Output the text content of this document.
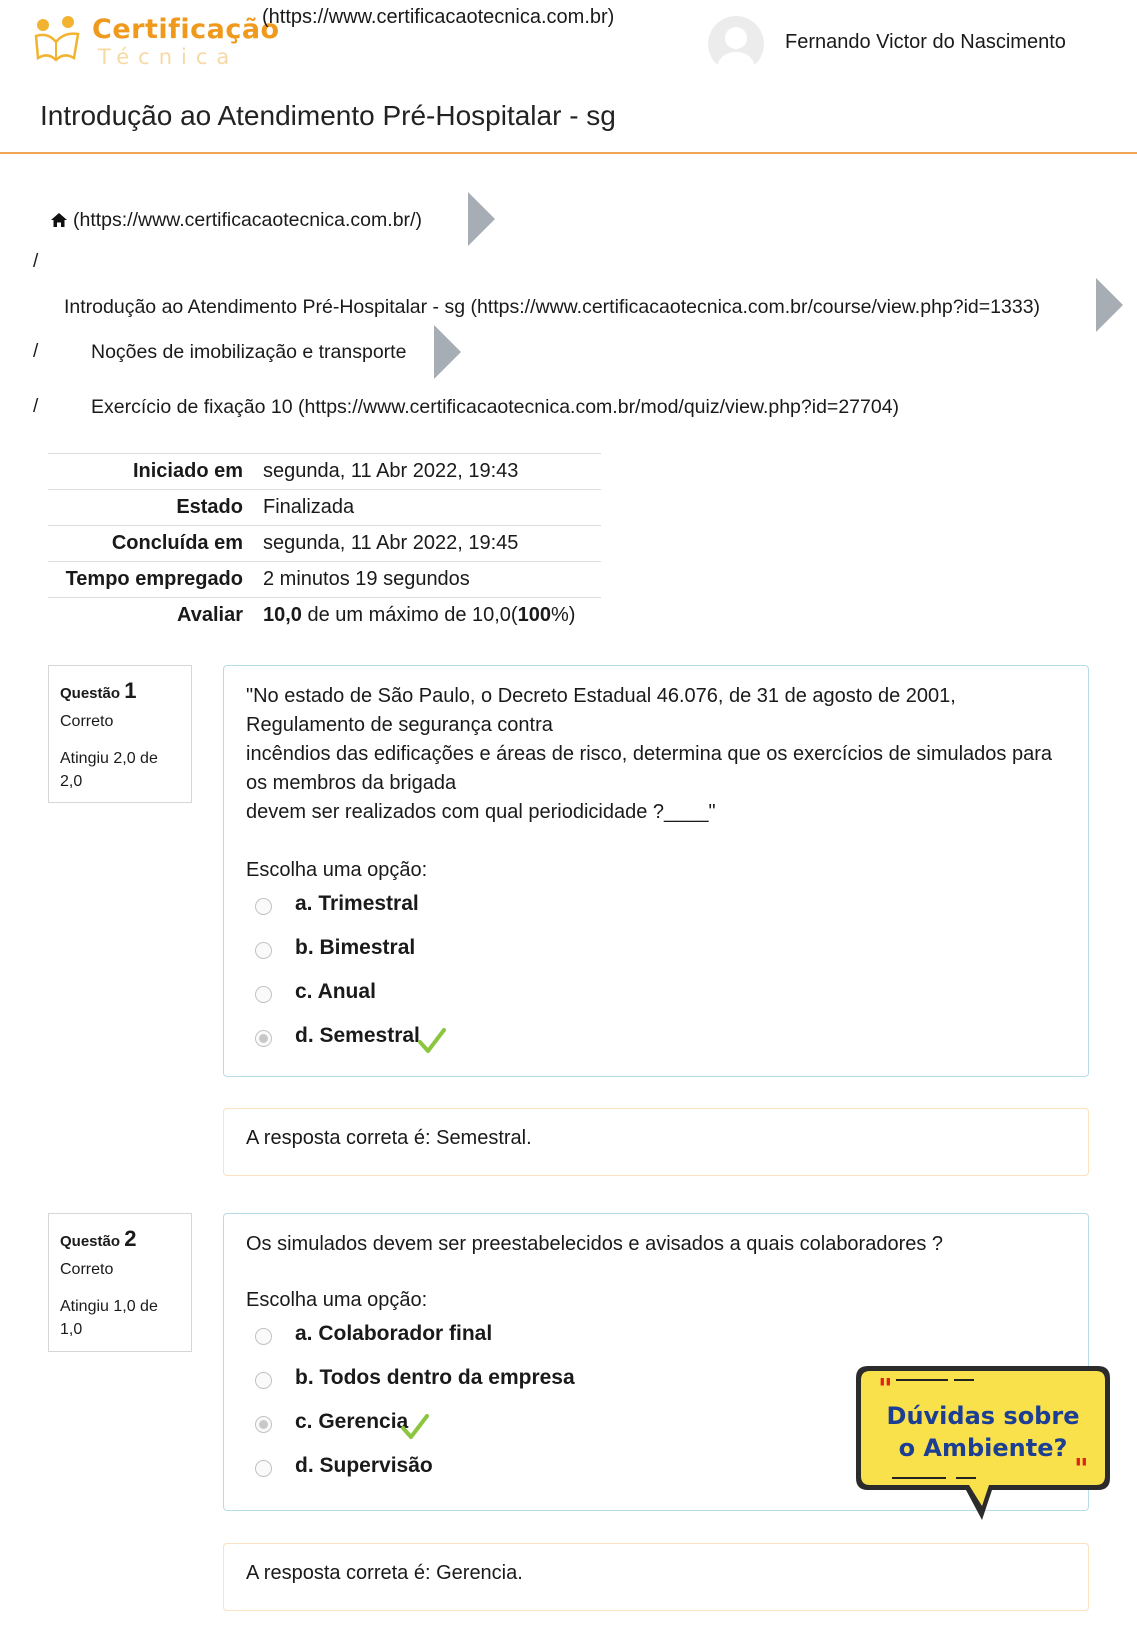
Certificação
Técnica
(https://www.certificacaotecnica.com.br)
Fernando Victor do Nascimento
Introdução ao Atendimento Pré-Hospitalar - sg
(https://www.certificacaotecnica.com.br/)
/
Introdução ao Atendimento Pré-Hospitalar - sg (https://www.certificacaotecnica.com.br/course/view.php?id=1333)
/	Noções de imobilização e transporte
/	Exercício de fixação 10 (https://www.certificacaotecnica.com.br/mod/quiz/view.php?id=27704)
Iniciado em	segunda, 11 Abr 2022, 19:43
Estado	Finalizada
Concluída em	segunda, 11 Abr 2022, 19:45
Tempo empregado	2 minutos 19 segundos
Avaliar	10,0 de um máximo de 10,0(100%)
Questão 1
Correto
Atingiu 2,0 de 2,0
"No estado de São Paulo, o Decreto Estadual 46.076, de 31 de agosto de 2001,
Regulamento de segurança contra
incêndios das edificações e áreas de risco, determina que os exercícios de simulados para os membros da brigada
devem ser realizados com qual periodicidade ?____"
Escolha uma opção:
a. Trimestral
b. Bimestral
c. Anual
d. Semestral
A resposta correta é: Semestral.
Questão 2
Correto
Atingiu 1,0 de 1,0
Os simulados devem ser preestabelecidos e avisados a quais colaboradores ?
Escolha uma opção:
a. Colaborador final
b. Todos dentro da empresa
c. Gerencia
d. Supervisão
A resposta correta é: Gerencia.
"
"
Dúvidas sobre
o Ambiente?
